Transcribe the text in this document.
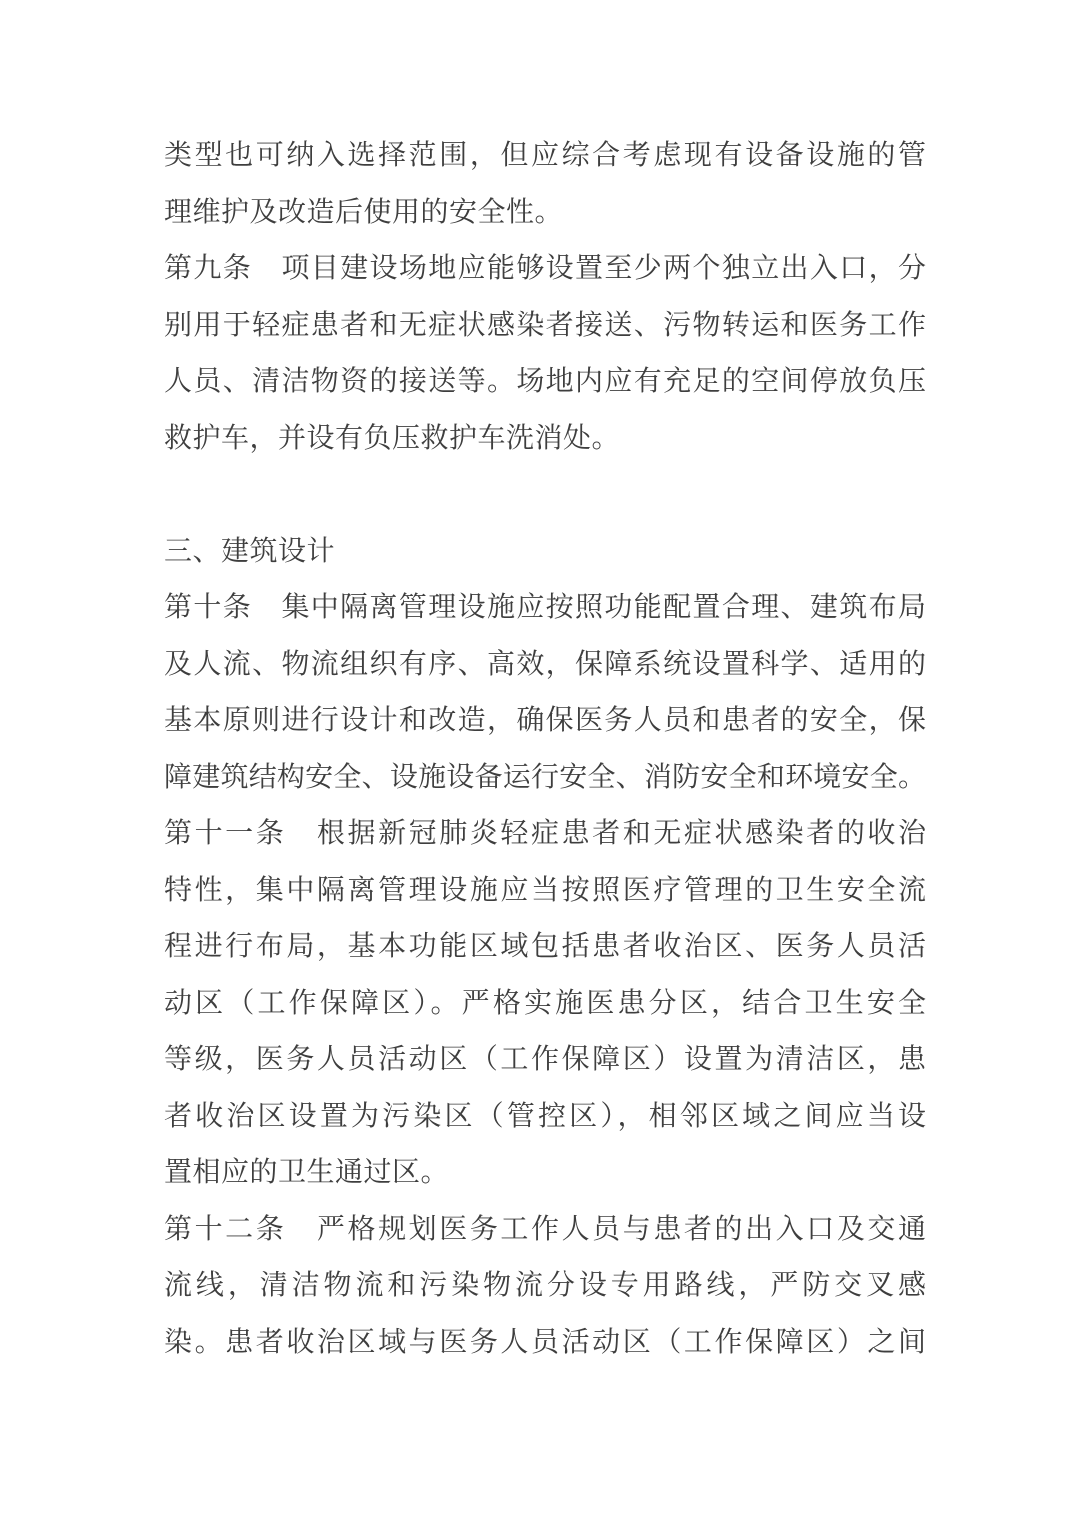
类型也可纳入选择范围，但应综合考虑现有设备设施的管
理维护及改造后使用的安全性。
第九条　项目建设场地应能够设置至少两个独立出入口，分
别用于轻症患者和无症状感染者接送、污物转运和医务工作
人员、清洁物资的接送等。场地内应有充足的空间停放负压
救护车，并设有负压救护车洗消处。
三、建筑设计
第十条　集中隔离管理设施应按照功能配置合理、建筑布局
及人流、物流组织有序、高效，保障系统设置科学、适用的
基本原则进行设计和改造，确保医务人员和患者的安全，保
障建筑结构安全、设施设备运行安全、消防安全和环境安全。
第十一条　根据新冠肺炎轻症患者和无症状感染者的收治
特性，集中隔离管理设施应当按照医疗管理的卫生安全流
程进行布局，基本功能区域包括患者收治区、医务人员活
动区（工作保障区）。严格实施医患分区，结合卫生安全
等级，医务人员活动区（工作保障区）设置为清洁区，患
者收治区设置为污染区（管控区），相邻区域之间应当设
置相应的卫生通过区。
第十二条　严格规划医务工作人员与患者的出入口及交通
流线，清洁物流和污染物流分设专用路线，严防交叉感
染。患者收治区域与医务人员活动区（工作保障区）之间
